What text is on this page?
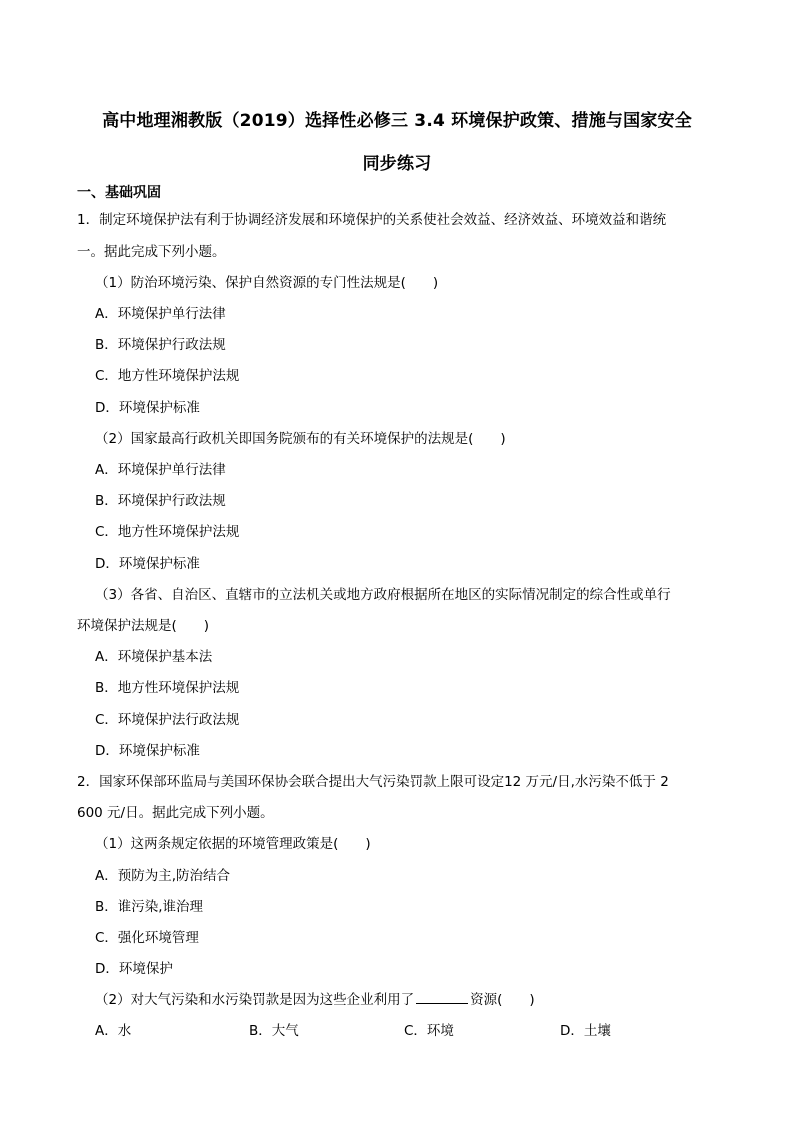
高中地理湘教版（2019）选择性必修三 3.4 环境保护政策、措施与国家安全
同步练习
一、基础巩固
1．制定环境保护法有利于协调经济发展和环境保护的关系使社会效益、经济效益、环境效益和谐统
一。据此完成下列小题。
（1）防治环境污染、保护自然资源的专门性法规是(　　)
A．环境保护单行法律
B．环境保护行政法规
C．地方性环境保护法规
D．环境保护标准
（2）国家最高行政机关即国务院颁布的有关环境保护的法规是(　　)
A．环境保护单行法律
B．环境保护行政法规
C．地方性环境保护法规
D．环境保护标准
（3）各省、自治区、直辖市的立法机关或地方政府根据所在地区的实际情况制定的综合性或单行
环境保护法规是(　　)
A．环境保护基本法
B．地方性环境保护法规
C．环境保护法行政法规
D．环境保护标准
2．国家环保部环监局与美国环保协会联合提出大气污染罚款上限可设定12 万元/日,水污染不低于 2
600 元/日。据此完成下列小题。
（1）这两条规定依据的环境管理政策是(　　)
A．预防为主,防治结合
B．谁污染,谁治理
C．强化环境管理
D．环境保护
（2）对大气污染和水污染罚款是因为这些企业利用了	资源(　　)
A．水	B．大气	C．环境	D．土壤
